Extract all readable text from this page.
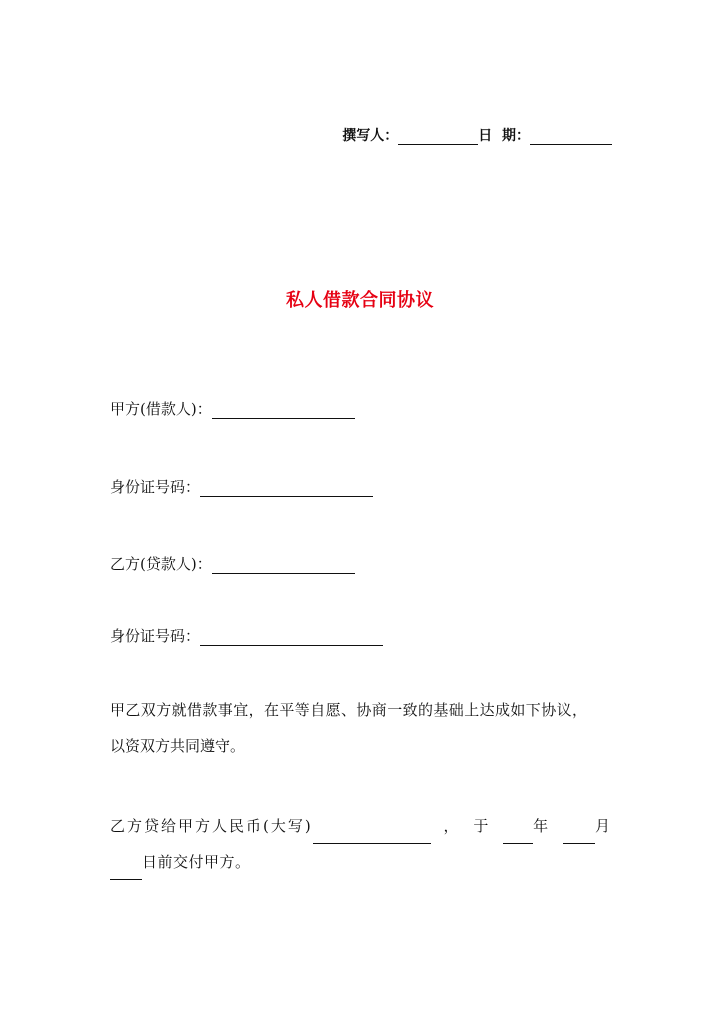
撰写人：	日  期：
私人借款合同协议
甲方(借款人)：
身份证号码：
乙方(贷款人)：
身份证号码：
甲乙双方就借款事宜，在平等自愿、协商一致的基础上达成如下协议，
以资双方共同遵守。
乙方贷给甲方人民币(大写)	， 于	年	月
日前交付甲方。
